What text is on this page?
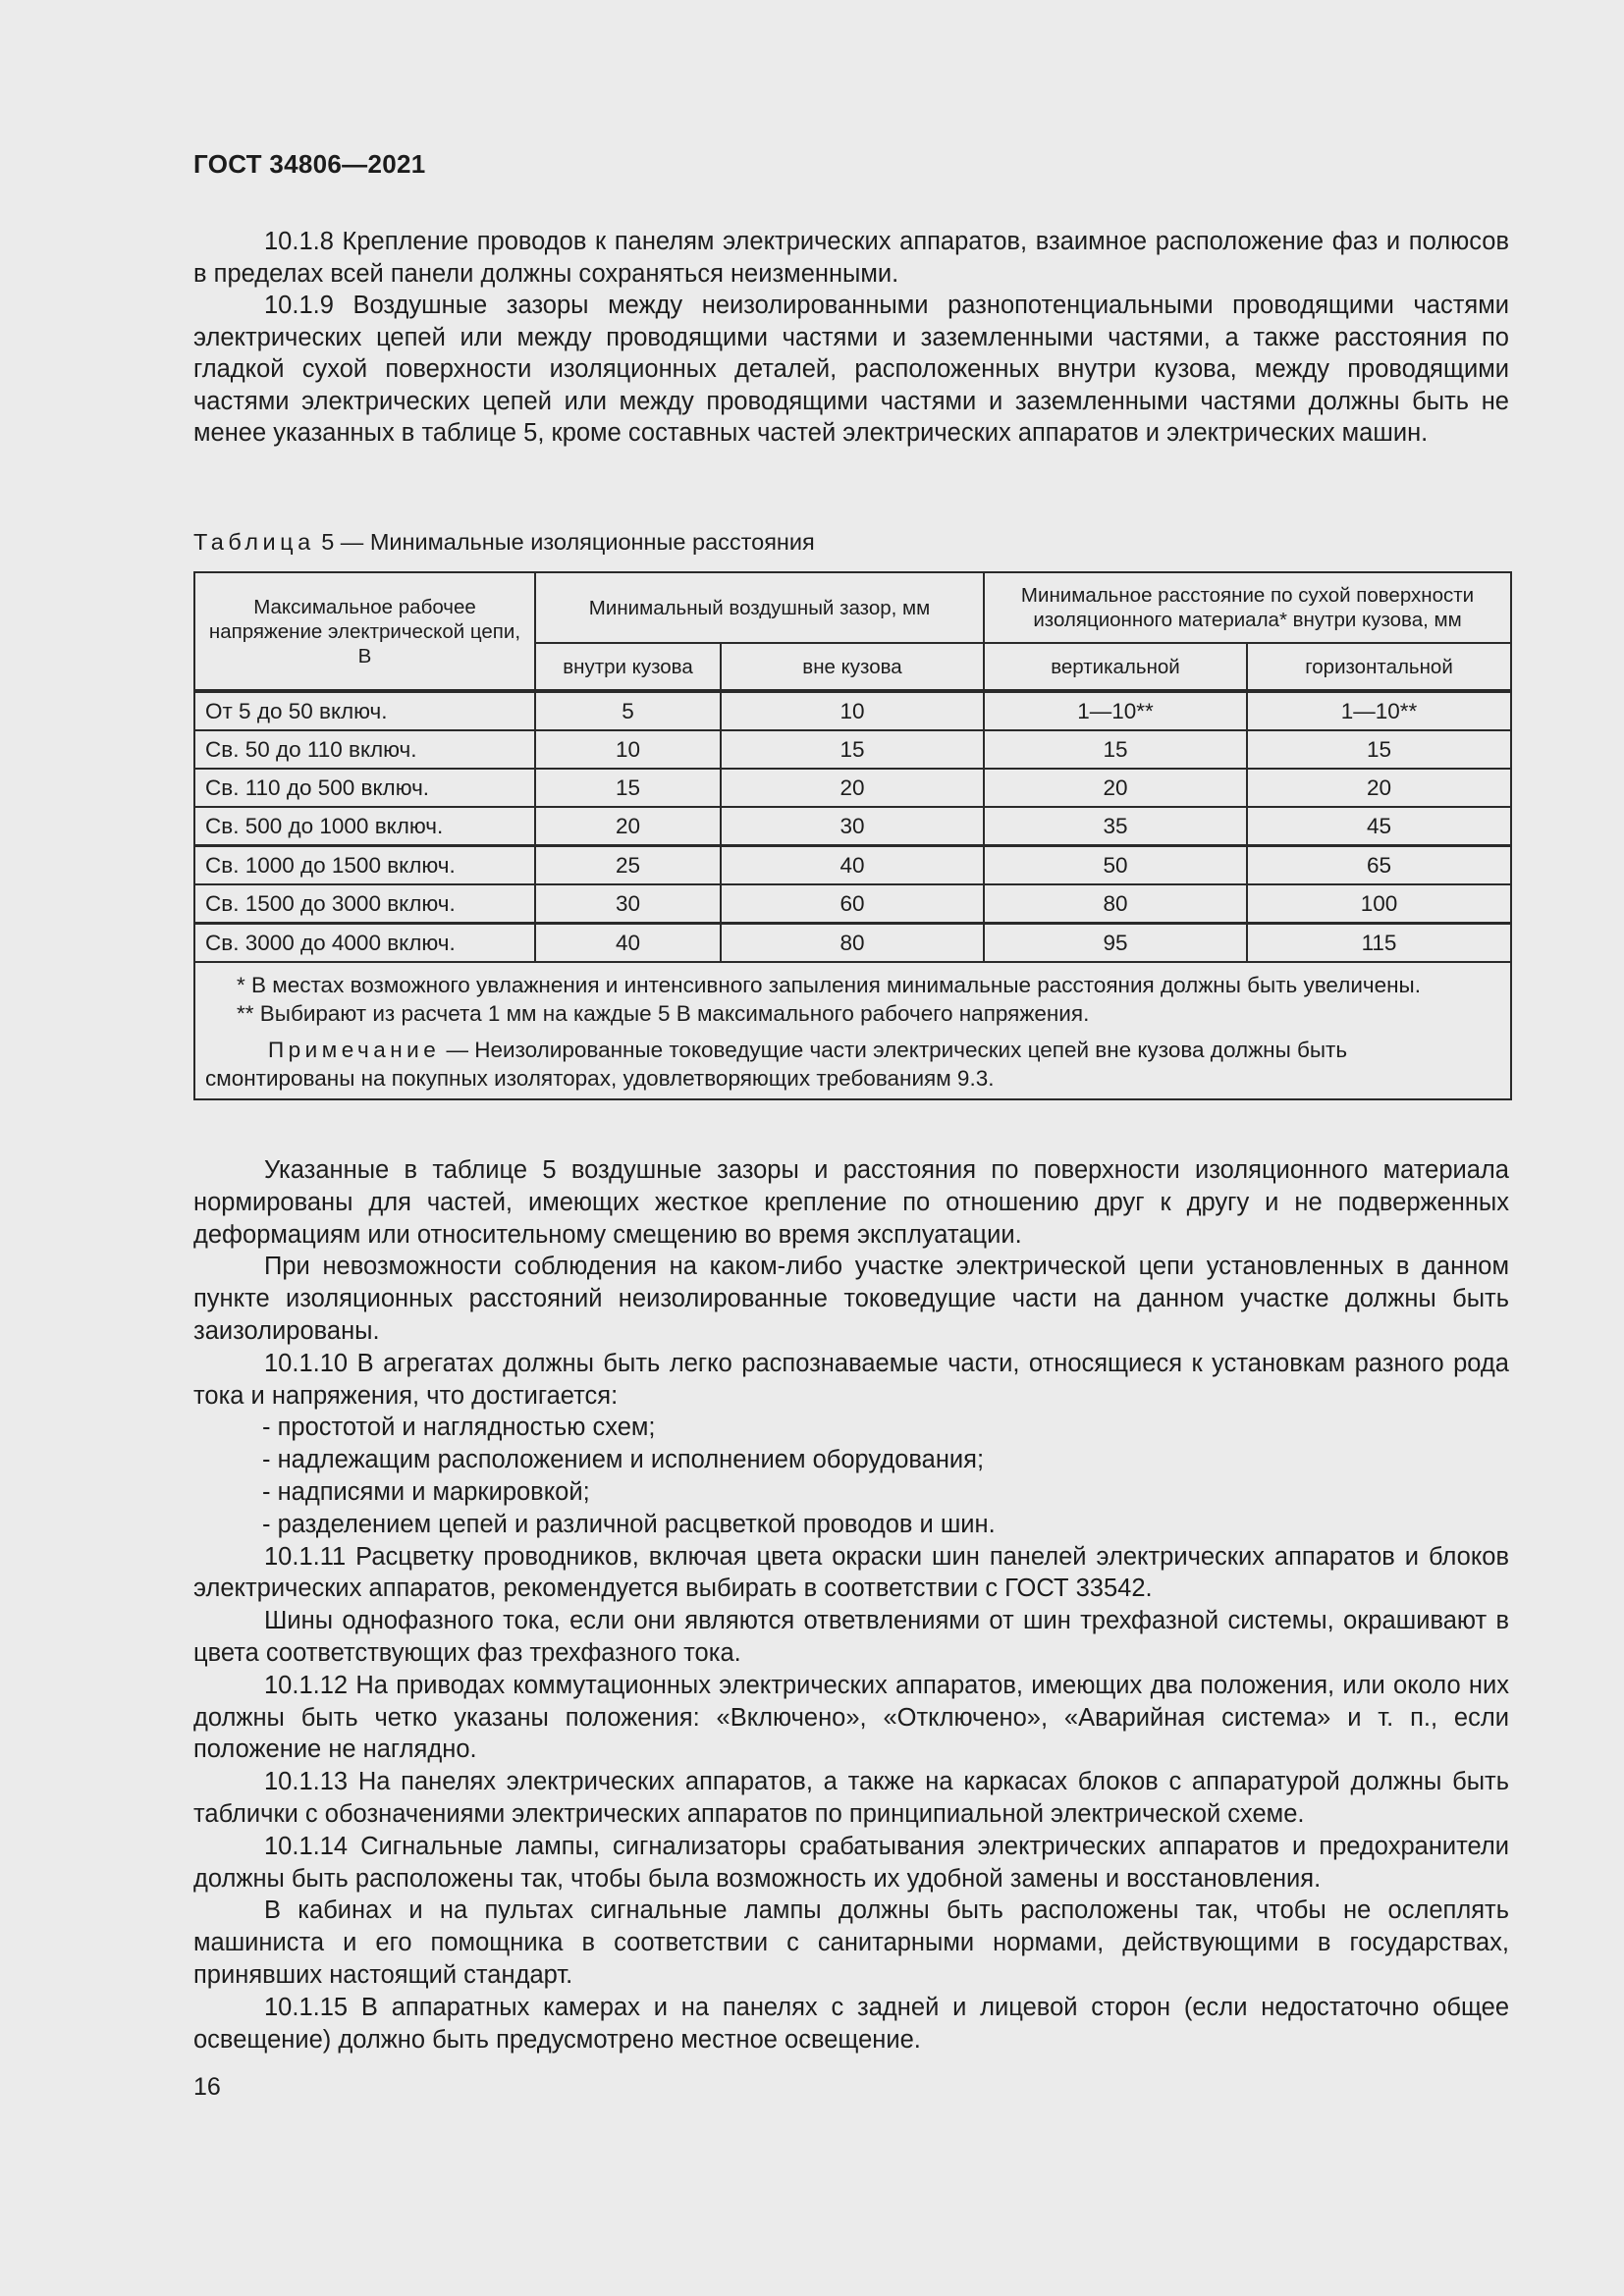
ГОСТ 34806—2021

10.1.8 Крепление проводов к панелям электрических аппаратов, взаимное расположение фаз и полюсов в пределах всей панели должны сохраняться неизменными.

10.1.9 Воздушные зазоры между неизолированными разнопотенциальными проводящими частями электрических цепей или между проводящими частями и заземленными частями, а также расстояния по гладкой сухой поверхности изоляционных деталей, расположенных внутри кузова, между проводящими частями электрических цепей или между проводящими частями и заземленными частями должны быть не менее указанных в таблице 5, кроме составных частей электрических аппаратов и электрических машин.

Таблица 5 — Минимальные изоляционные расстояния
Максимальное рабочее напряжение электрической цепи, В	Минимальный воздушный зазор, мм		Минимальное расстояние по сухой поверхности изоляционного материала* внутри кузова, мм	
	внутри кузова	вне кузова	вертикальной	горизонтальной
От 5 до 50 включ.	5	10	1—10**	1—10**
Св. 50 до 110 включ.	10	15	15	15
Св. 110 до 500 включ.	15	20	20	20
Св. 500 до 1000 включ.	20	30	35	45
Св. 1000 до 1500 включ.	25	40	50	65
Св. 1500 до 3000 включ.	30	60	80	100
Св. 3000 до 4000 включ.	40	80	95	115

* В местах возможного увлажнения и интенсивного запыления минимальные расстояния должны быть увеличены.

** Выбирают из расчета 1 мм на каждые 5 В максимального рабочего напряжения.

Примечание — Неизолированные токоведущие части электрических цепей вне кузова должны быть смонтированы на покупных изоляторах, удовлетворяющих требованиям 9.3.				

Указанные в таблице 5 воздушные зазоры и расстояния по поверхности изоляционного материала нормированы для частей, имеющих жесткое крепление по отношению друг к другу и не подверженных деформациям или относительному смещению во время эксплуатации.

При невозможности соблюдения на каком-либо участке электрической цепи установленных в данном пункте изоляционных расстояний неизолированные токоведущие части на данном участке должны быть заизолированы.

10.1.10 В агрегатах должны быть легко распознаваемые части, относящиеся к установкам разного рода тока и напряжения, что достигается:

- простотой и наглядностью схем;

- надлежащим расположением и исполнением оборудования;

- надписями и маркировкой;

- разделением цепей и различной расцветкой проводов и шин.

10.1.11 Расцветку проводников, включая цвета окраски шин панелей электрических аппаратов и блоков электрических аппаратов, рекомендуется выбирать в соответствии с ГОСТ 33542.

Шины однофазного тока, если они являются ответвлениями от шин трехфазной системы, окрашивают в цвета соответствующих фаз трехфазного тока.

10.1.12 На приводах коммутационных электрических аппаратов, имеющих два положения, или около них должны быть четко указаны положения: «Включено», «Отключено», «Аварийная система» и т. п., если положение не наглядно.

10.1.13 На панелях электрических аппаратов, а также на каркасах блоков с аппаратурой должны быть таблички с обозначениями электрических аппаратов по принципиальной электрической схеме.

10.1.14 Сигнальные лампы, сигнализаторы срабатывания электрических аппаратов и предохранители должны быть расположены так, чтобы была возможность их удобной замены и восстановления.

В кабинах и на пультах сигнальные лампы должны быть расположены так, чтобы не ослеплять машиниста и его помощника в соответствии с санитарными нормами, действующими в государствах, принявших настоящий стандарт.

10.1.15 В аппаратных камерах и на панелях с задней и лицевой сторон (если недостаточно общее освещение) должно быть предусмотрено местное освещение.

16
